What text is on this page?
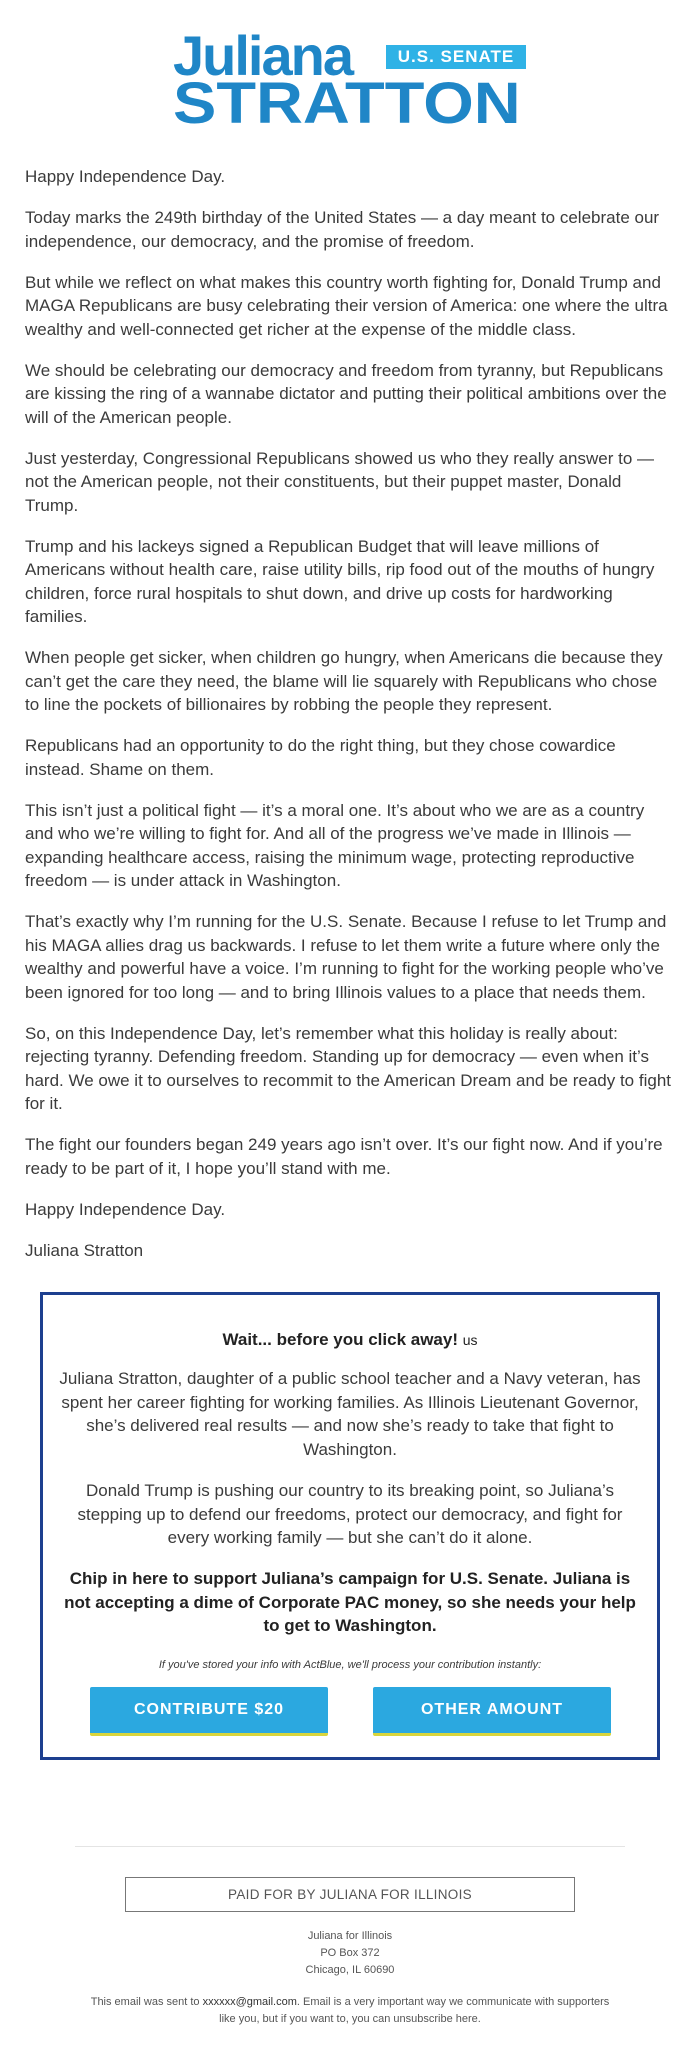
Juliana	U.S. SENATE
STRATTON

Happy Independence Day.

Today marks the 249th birthday of the United States — a day meant to celebrate our independence, our democracy, and the promise of freedom.

But while we reflect on what makes this country worth fighting for, Donald Trump and MAGA Republicans are busy celebrating their version of America: one where the ultra wealthy and well-connected get richer at the expense of the middle class.

We should be celebrating our democracy and freedom from tyranny, but Republicans are kissing the ring of a wannabe dictator and putting their political ambitions over the will of the American people.

Just yesterday, Congressional Republicans showed us who they really answer to — not the American people, not their constituents, but their puppet master, Donald Trump.

Trump and his lackeys signed a Republican Budget that will leave millions of Americans without health care, raise utility bills, rip food out of the mouths of hungry children, force rural hospitals to shut down, and drive up costs for hardworking families.

When people get sicker, when children go hungry, when Americans die because they can’t get the care they need, the blame will lie squarely with Republicans who chose to line the pockets of billionaires by robbing the people they represent.

Republicans had an opportunity to do the right thing, but they chose cowardice instead. Shame on them.

This isn’t just a political fight — it’s a moral one. It’s about who we are as a country and who we’re willing to fight for. And all of the progress we’ve made in Illinois — expanding healthcare access, raising the minimum wage, protecting reproductive freedom — is under attack in Washington.

That’s exactly why I’m running for the U.S. Senate. Because I refuse to let Trump and his MAGA allies drag us backwards. I refuse to let them write a future where only the wealthy and powerful have a voice. I’m running to fight for the working people who’ve been ignored for too long — and to bring Illinois values to a place that needs them.

So, on this Independence Day, let’s remember what this holiday is really about: rejecting tyranny. Defending freedom. Standing up for democracy — even when it’s hard. We owe it to ourselves to recommit to the American Dream and be ready to fight for it.

The fight our founders began 249 years ago isn’t over. It’s our fight now. And if you’re ready to be part of it, I hope you’ll stand with me.

Happy Independence Day.

Juliana Stratton

Wait... before you click away! us
Juliana Stratton, daughter of a public school teacher and a Navy veteran, has spent her career fighting for working families. As Illinois Lieutenant Governor, she’s delivered real results — and now she’s ready to take that fight to Washington.
Donald Trump is pushing our country to its breaking point, so Juliana’s stepping up to defend our freedoms, protect our democracy, and fight for every working family — but she can’t do it alone.
Chip in here to support Juliana’s campaign for U.S. Senate. Juliana is not accepting a dime of Corporate PAC money, so she needs your help to get to Washington.
If you've stored your info with ActBlue, we'll process your contribution instantly:
CONTRIBUTE $20	OTHER AMOUNT
PAID FOR BY JULIANA FOR ILLINOIS
Juliana for Illinois
PO Box 372
Chicago, IL 60690
This email was sent to xxxxxx@gmail.com. Email is a very important way we communicate with supporters like you, but if you want to, you can unsubscribe here.
